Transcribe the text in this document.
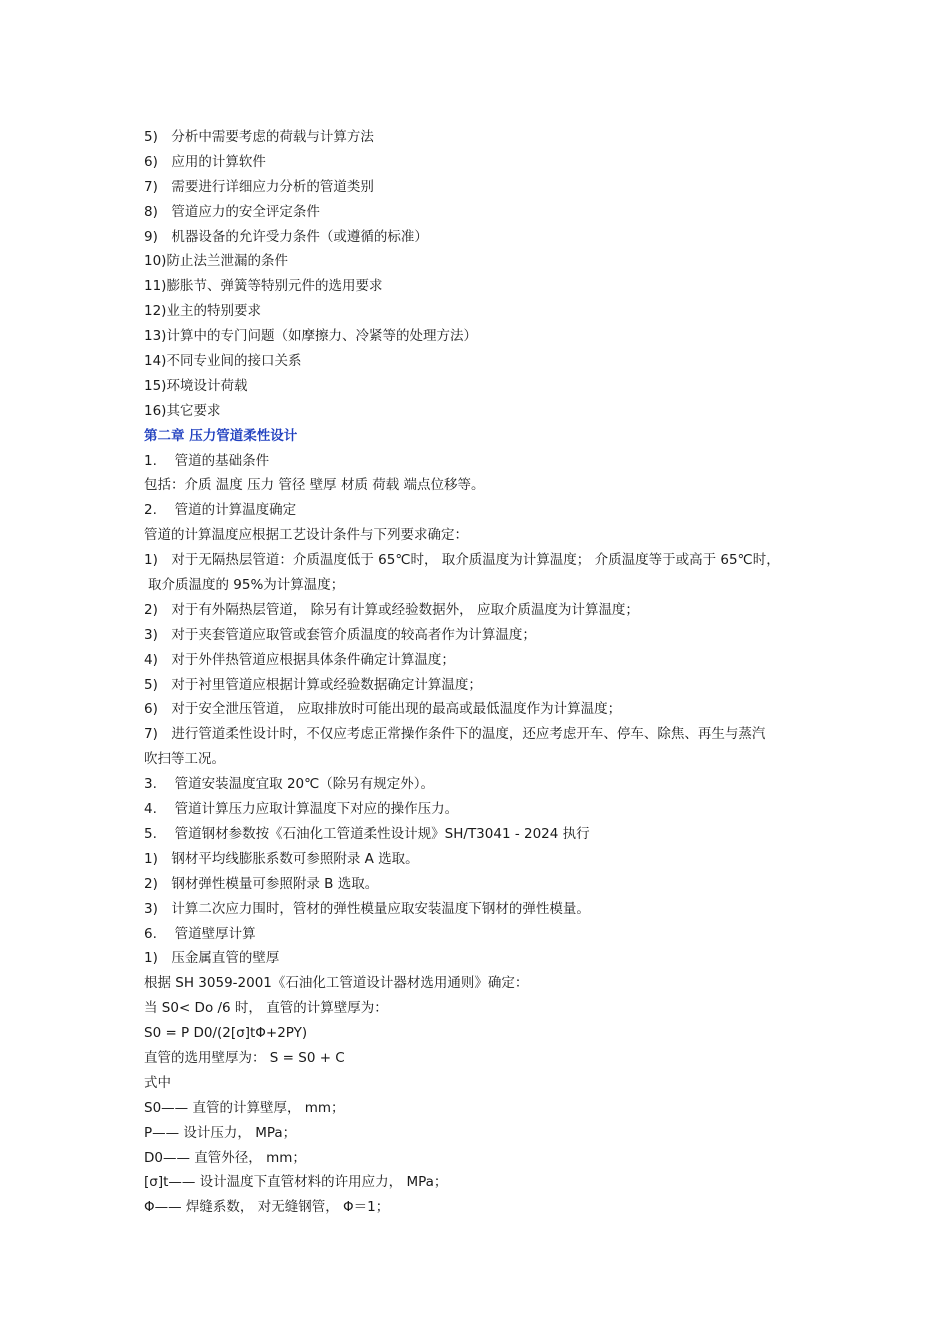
5)　分析中需要考虑的荷载与计算方法
6)　应用的计算软件
7)　需要进行详细应力分析的管道类别
8)　管道应力的安全评定条件
9)　机器设备的允许受力条件（或遵循的标准）
10)防止法兰泄漏的条件
11)膨胀节、弹簧等特别元件的选用要求
12)业主的特别要求
13)计算中的专门问题（如摩擦力、冷紧等的处理方法）
14)不同专业间的接口关系
15)环境设计荷载
16)其它要求
第二章 压力管道柔性设计
1.　 管道的基础条件
包括：介质 温度 压力 管径 壁厚 材质 荷载 端点位移等。
2.　 管道的计算温度确定
管道的计算温度应根据工艺设计条件与下列要求确定：
1)　对于无隔热层管道：介质温度低于 65℃时， 取介质温度为计算温度； 介质温度等于或高于 65℃时，
取介质温度的 95%为计算温度；
2)　对于有外隔热层管道， 除另有计算或经验数据外， 应取介质温度为计算温度；
3)　对于夹套管道应取管或套管介质温度的较高者作为计算温度；
4)　对于外伴热管道应根据具体条件确定计算温度；
5)　对于衬里管道应根据计算或经验数据确定计算温度；
6)　对于安全泄压管道， 应取排放时可能出现的最高或最低温度作为计算温度；
7)　进行管道柔性设计时，不仅应考虑正常操作条件下的温度，还应考虑开车、停车、除焦、再生与蒸汽
吹扫等工况。
3.　 管道安装温度宜取 20℃（除另有规定外）。
4.　 管道计算压力应取计算温度下对应的操作压力。
5.　 管道钢材参数按《石油化工管道柔性设计规》SH/T3041 - 2024 执行
1)　钢材平均线膨胀系数可参照附录 A 选取。
2)　钢材弹性模量可参照附录 B 选取。
3)　计算二次应力围时，管材的弹性模量应取安装温度下钢材的弹性模量。
6.　 管道壁厚计算
1)　压金属直管的壁厚
根据 SH 3059-2001《石油化工管道设计器材选用通则》确定：
当 S0< Do /6 时， 直管的计算壁厚为：
S0 = P D0/(2[σ]tΦ+2PY)
直管的选用壁厚为： S = S0 + C
式中
S0—— 直管的计算壁厚， mm；
P—— 设计压力， MPa；
D0—— 直管外径， mm；
[σ]t—— 设计温度下直管材料的许用应力， MPa；
Φ—— 焊缝系数， 对无缝钢管， Φ＝1；
